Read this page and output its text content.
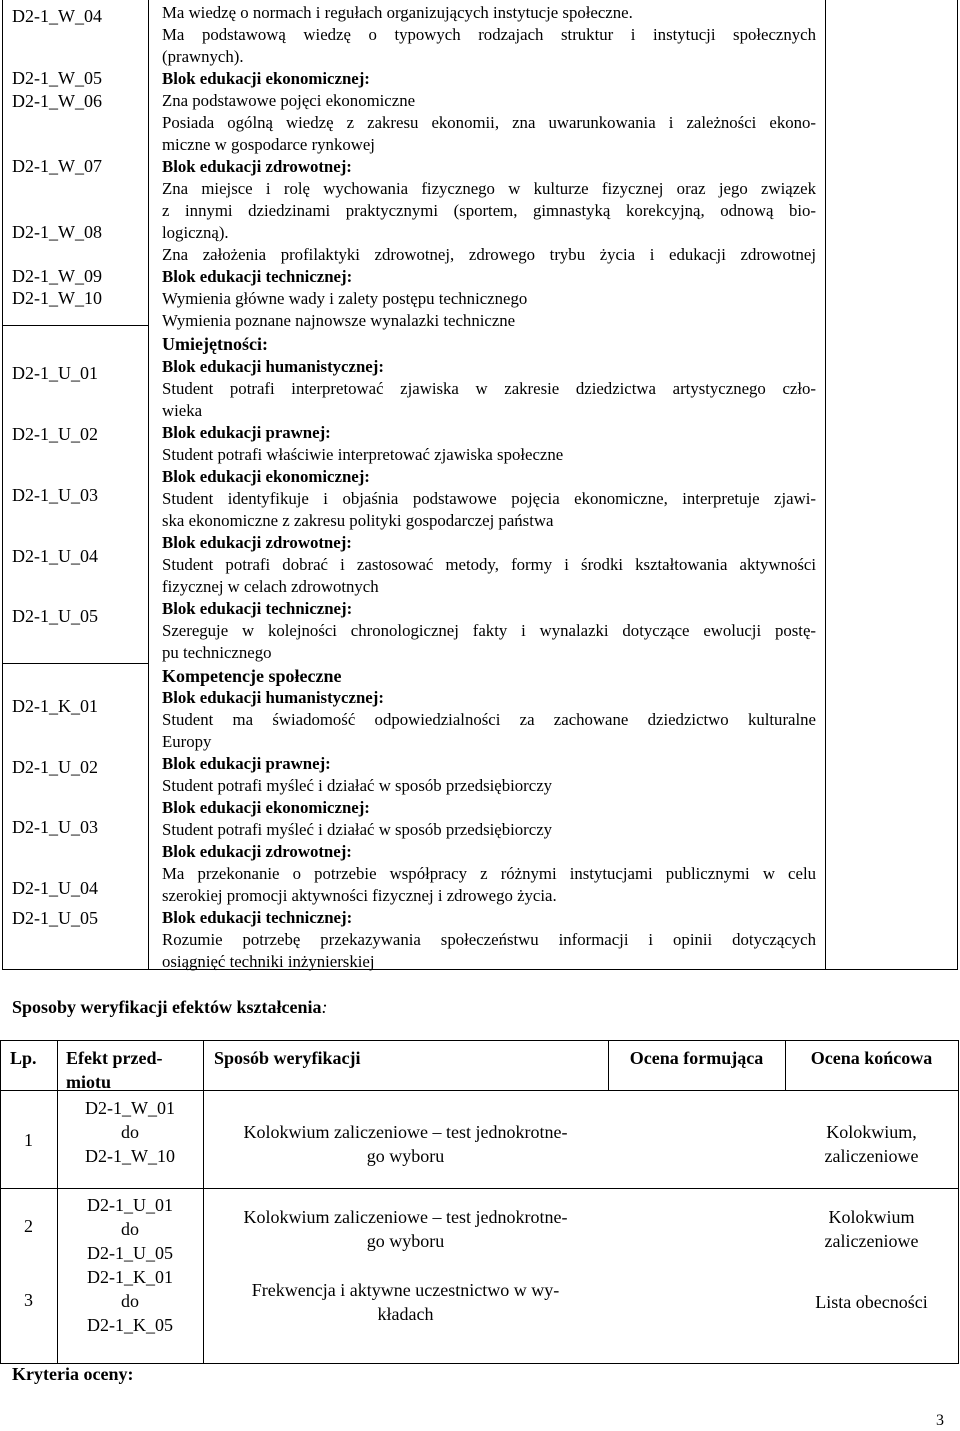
D2-1_W_04
D2-1_W_05
D2-1_W_06
D2-1_W_07
D2-1_W_08
D2-1_W_09
D2-1_W_10
D2-1_U_01
D2-1_U_02
D2-1_U_03
D2-1_U_04
D2-1_U_05
D2-1_K_01
D2-1_U_02
D2-1_U_03
D2-1_U_04
D2-1_U_05
Ma wiedzę o normach i regułach organizujących instytucje społeczne.
Ma podstawową wiedzę o typowych rodzajach struktur i instytucji społecznych
(prawnych).
Blok edukacji ekonomicznej:
Zna podstawowe pojęci ekonomiczne
Posiada ogólną wiedzę z zakresu ekonomii, zna uwarunkowania i zależności ekono-
miczne w gospodarce rynkowej
Blok edukacji zdrowotnej:
Zna miejsce i rolę wychowania fizycznego w kulturze fizycznej oraz jego związek
z innymi dziedzinami praktycznymi (sportem, gimnastyką korekcyjną, odnową bio-
logiczną).
Zna założenia profilaktyki zdrowotnej, zdrowego trybu życia i edukacji zdrowotnej
Blok edukacji technicznej:
Wymienia główne wady i zalety postępu technicznego
Wymienia poznane najnowsze wynalazki techniczne
Umiejętności:
Blok edukacji humanistycznej:
Student potrafi interpretować zjawiska w zakresie dziedzictwa artystycznego czło-
wieka
Blok edukacji prawnej:
Student potrafi właściwie interpretować zjawiska społeczne
Blok edukacji ekonomicznej:
Student identyfikuje i objaśnia podstawowe pojęcia ekonomiczne, interpretuje zjawi-
ska ekonomiczne z zakresu polityki gospodarczej państwa
Blok edukacji zdrowotnej:
Student potrafi dobrać i zastosować metody, formy i środki kształtowania aktywności
fizycznej w celach zdrowotnych
Blok edukacji technicznej:
Szereguje w kolejności chronologicznej fakty i wynalazki dotyczące ewolucji postę-
pu technicznego
Kompetencje społeczne
Blok edukacji humanistycznej:
Student ma świadomość odpowiedzialności za zachowane dziedzictwo kulturalne
Europy
Blok edukacji prawnej:
Student potrafi myśleć i działać w sposób przedsiębiorczy
Blok edukacji ekonomicznej:
Student potrafi myśleć i działać w sposób przedsiębiorczy
Blok edukacji zdrowotnej:
Ma przekonanie o potrzebie współpracy z różnymi instytucjami publicznymi w celu
szerokiej promocji aktywności fizycznej i zdrowego życia.
Blok edukacji technicznej:
Rozumie potrzebę przekazywania społeczeństwu informacji i opinii dotyczących
osiągnięć techniki inżynierskiej
Sposoby weryfikacji efektów kształcenia:
Lp. Efekt przed-
miotu
Sposób weryfikacji	Ocena formująca	Ocena końcowa
1
D2-1_W_01
do
D2-1_W_10
Kolokwium zaliczeniowe – test jednokrotne-
go wyboru
Kolokwium,
zaliczeniowe
2
D2-1_U_01
do
D2-1_U_05
Kolokwium zaliczeniowe – test jednokrotne-
go wyboru
Kolokwium
zaliczeniowe
3
D2-1_K_01
do
D2-1_K_05
Frekwencja i aktywne uczestnictwo w wy-
kładach
Lista obecności
Kryteria oceny:
3
